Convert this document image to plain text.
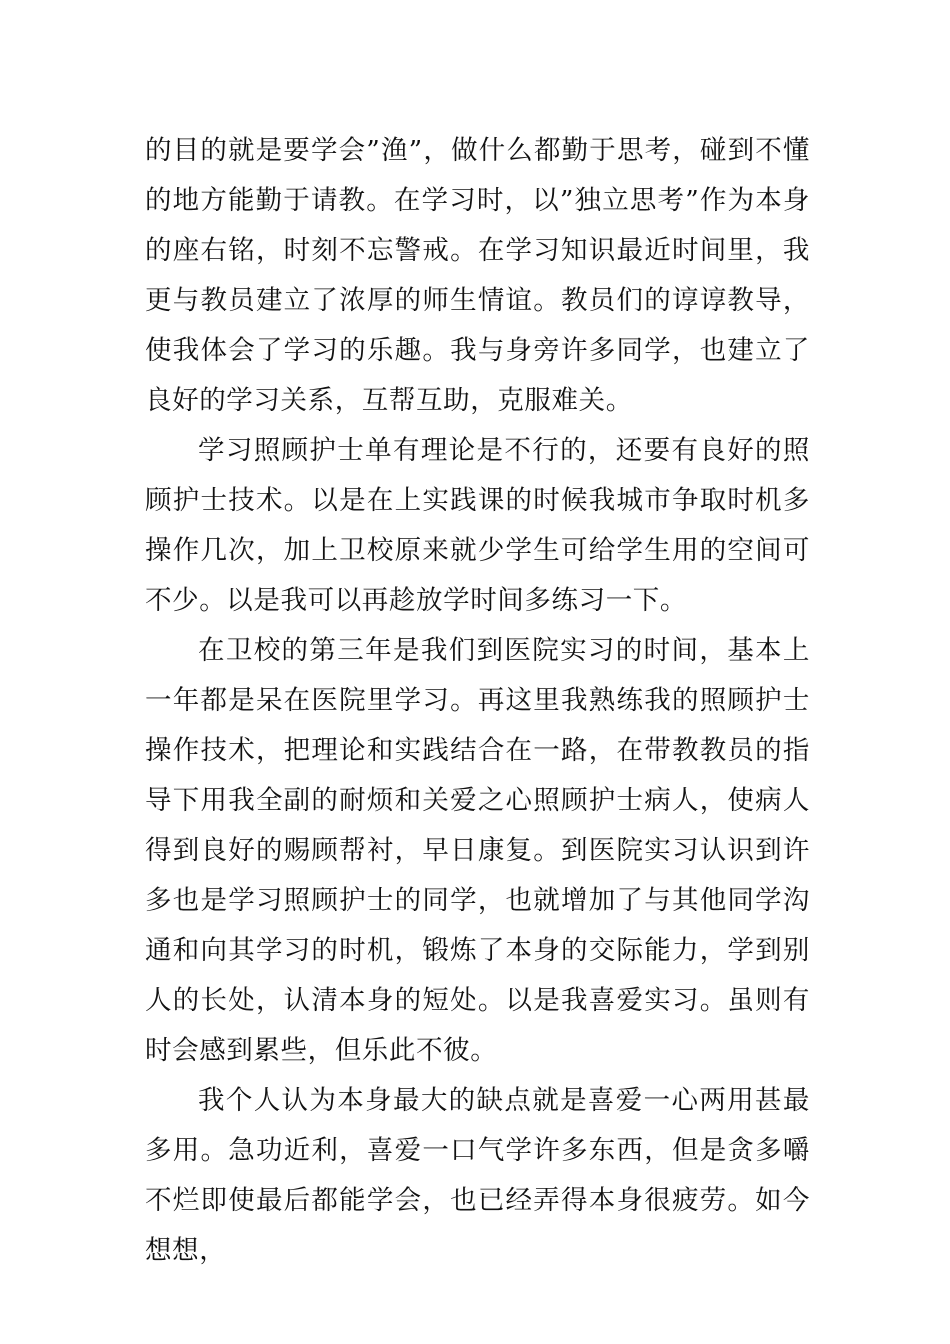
的目的就是要学会”渔”，做什么都勤于思考，碰到不懂的地方能勤于请教。在学习时，以”独立思考”作为本身的座右铭，时刻不忘警戒。在学习知识最近时间里，我更与教员建立了浓厚的师生情谊。教员们的谆谆教导，使我体会了学习的乐趣。我与身旁许多同学，也建立了良好的学习关系，互帮互助，克服难关。

学习照顾护士单有理论是不行的，还要有良好的照顾护士技术。以是在上实践课的时候我城市争取时机多操作几次，加上卫校原来就少学生可给学生用的空间可不少。以是我可以再趁放学时间多练习一下。

在卫校的第三年是我们到医院实习的时间，基本上一年都是呆在医院里学习。再这里我熟练我的照顾护士操作技术，把理论和实践结合在一路，在带教教员的指导下用我全副的耐烦和关爱之心照顾护士病人，使病人得到良好的赐顾帮衬，早日康复。到医院实习认识到许多也是学习照顾护士的同学，也就增加了与其他同学沟通和向其学习的时机，锻炼了本身的交际能力，学到别人的长处，认清本身的短处。以是我喜爱实习。虽则有时会感到累些，但乐此不彼。

我个人认为本身最大的缺点就是喜爱一心两用甚最多用。急功近利，喜爱一口气学许多东西，但是贪多嚼不烂即使最后都能学会，也已经弄得本身很疲劳。如今想想，
